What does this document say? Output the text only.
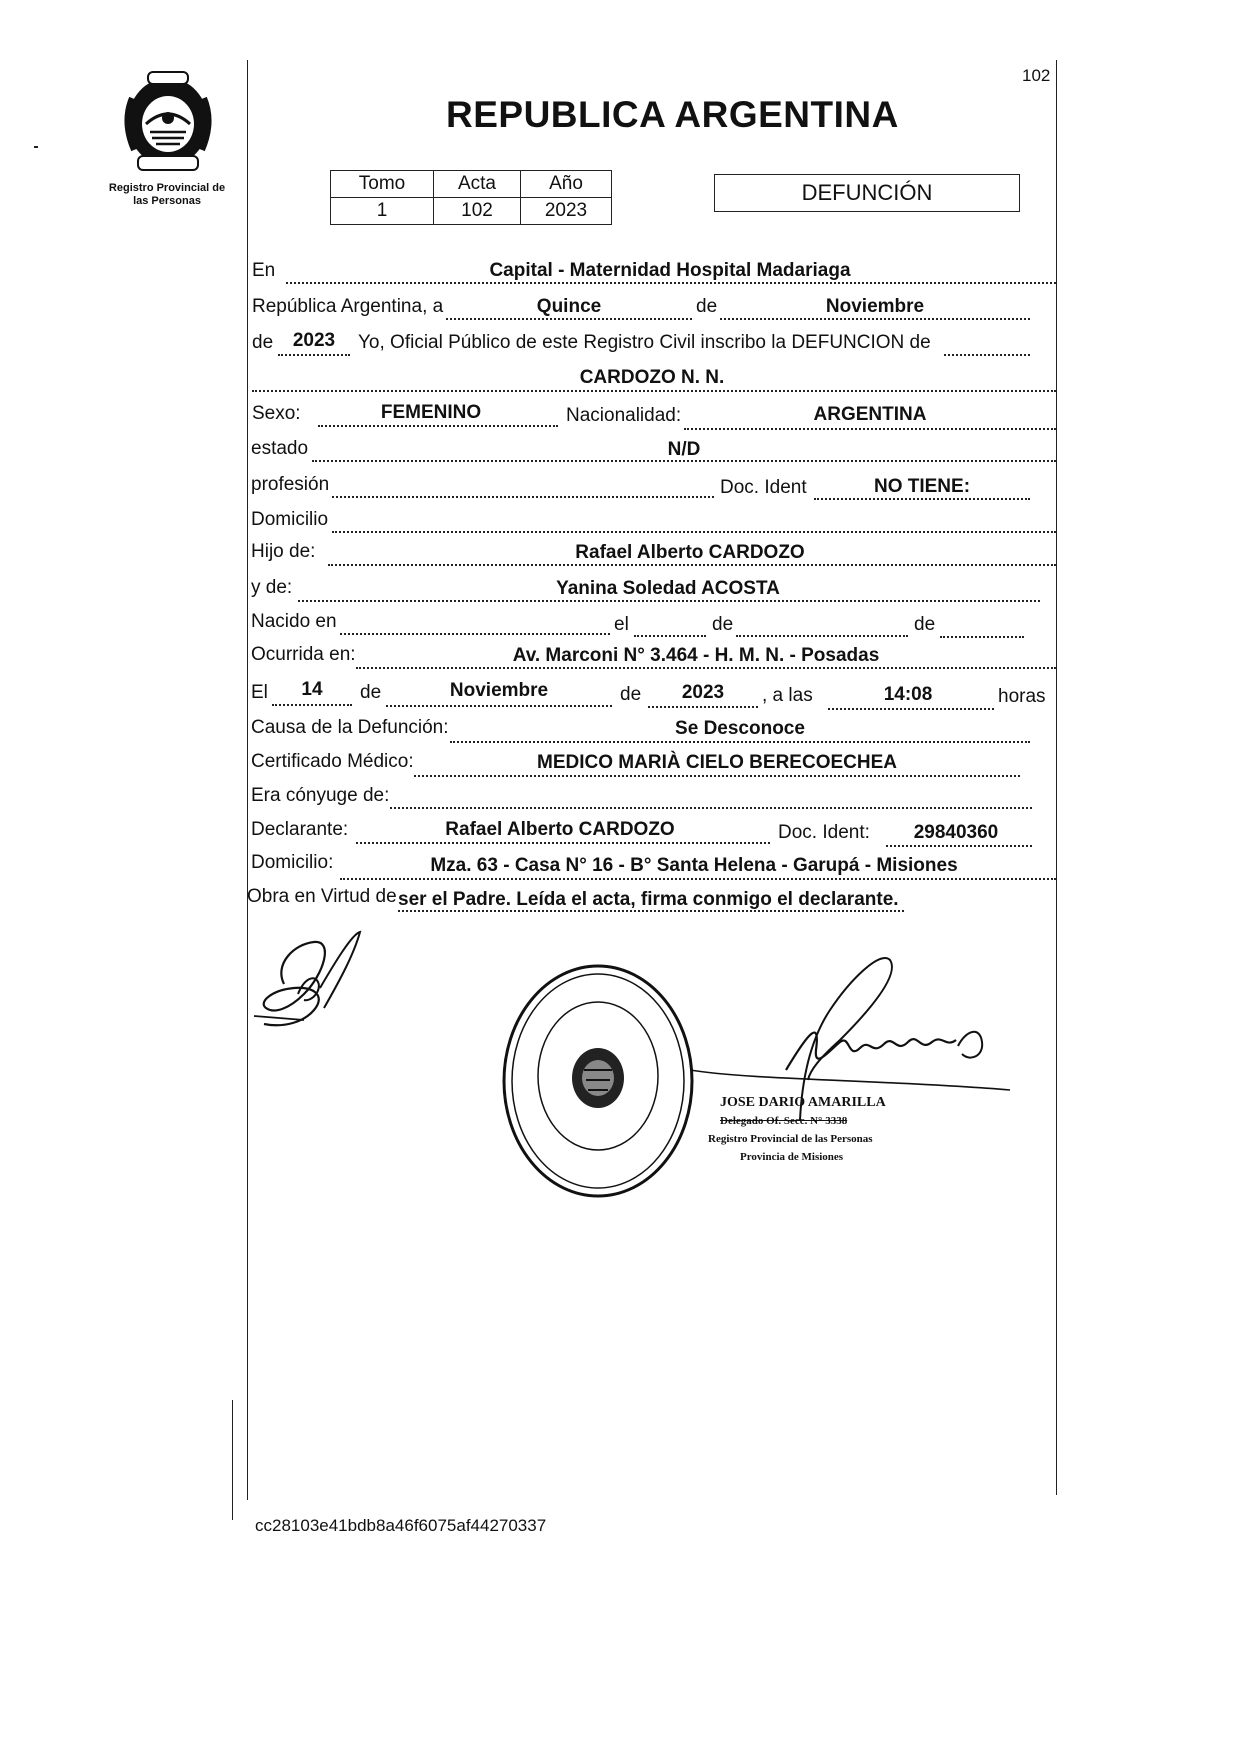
102
Registro Provincial de
las Personas
REPUBLICA ARGENTINA
Tomo	Acta	Año
1	102	2023
DEFUNCIÓN
En	Capital - Maternidad Hospital Madariaga
República Argentina, a	Quince	de	Noviembre
de	2023	Yo, Oficial Público de este Registro Civil inscribo la DEFUNCION de
CARDOZO N. N.
Sexo:	FEMENINO	Nacionalidad:	ARGENTINA
estado	N/D
profesión	Doc. Ident	NO TIENE:
Domicilio
Hijo de:	Rafael Alberto CARDOZO
y de:	Yanina Soledad ACOSTA
Nacido en	el	de	de
Ocurrida en:	Av. Marconi N° 3.464 - H. M. N. - Posadas
El	14	de	Noviembre	de	2023	, a las	14:08	horas
Causa de la Defunción:	Se Desconoce
Certificado Médico:	MEDICO MARIÀ CIELO BERECOECHEA
Era cónyuge de:
Declarante:	Rafael Alberto CARDOZO	Doc. Ident:	29840360
Domicilio:	Mza. 63 - Casa N° 16 - B° Santa Helena - Garupá - Misiones
Obra en Virtud de ser el Padre. Leída el acta, firma conmigo el declarante.
JOSE DARIO AMARILLA
Delegado Of. Secc. N° 3338
Registro Provincial de las Personas
Provincia de Misiones
cc28103e41bdb8a46f6075af44270337
